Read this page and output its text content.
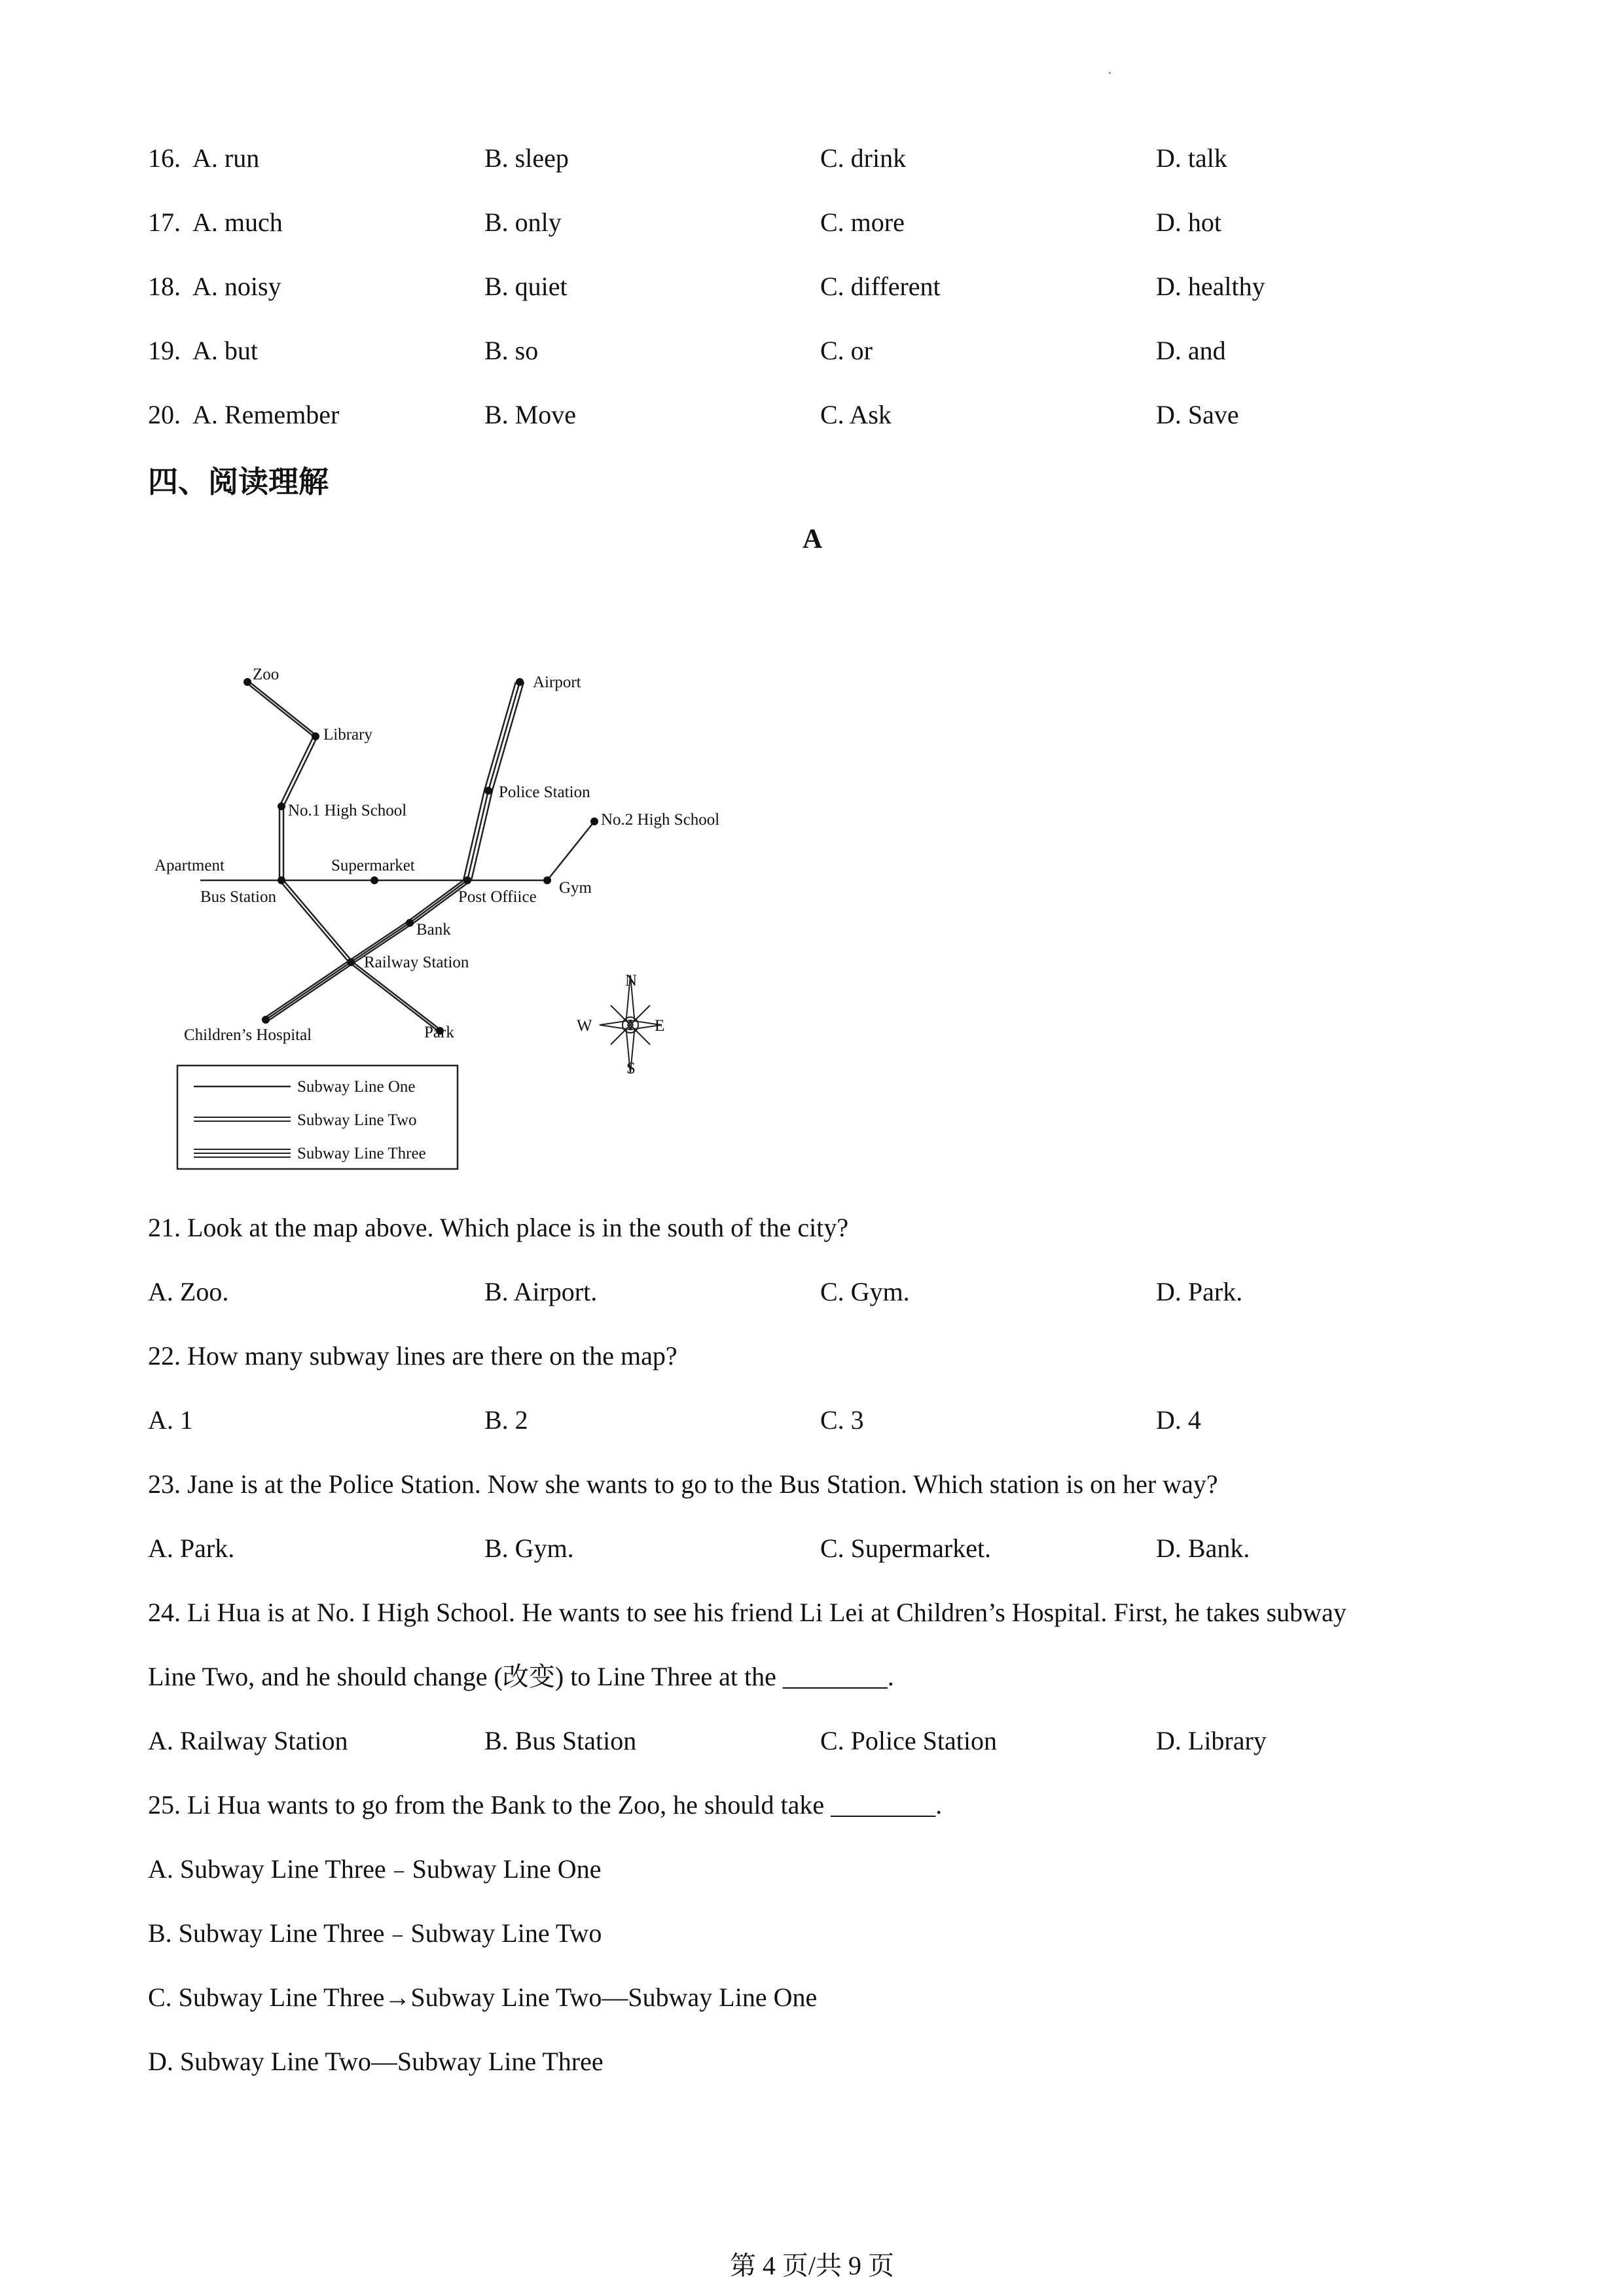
16. A. run	B. sleep	C. drink	D. talk
17. A. much	B. only	C. more	D. hot
18. A. noisy	B. quiet	C. different	D. healthy
19. A. but	B. so	C. or	D. and
20. A. Remember	B. Move	C. Ask	D. Save
四、阅读理解
A
Zoo
Library
No.1 High School
Airport
Police Station
No.2 High School
Apartment	Supermarket
Bus Station	Post Offiice
Gym
Bank
Railway Station
Children’s Hospital	Park
N
S
E
W
Subway Line One
Subway Line Two
Subway Line Three
21. Look at the map above. Which place is in the south of the city?
A. Zoo.	B. Airport.	C. Gym.	D. Park.
22. How many subway lines are there on the map?
A. 1	B. 2	C. 3	D. 4
23. Jane is at the Police Station. Now she wants to go to the Bus Station. Which station is on her way?
A. Park.	B. Gym.	C. Supermarket.	D. Bank.
24. Li Hua is at No. I High School. He wants to see his friend Li Lei at Children’s Hospital. First, he takes subway
Line Two, and he should change (改变) to Line Three at the ________.
A. Railway Station	B. Bus Station	C. Police Station	D. Library
25. Li Hua wants to go from the Bank to the Zoo, he should take ________.
A. Subway Line Three﹣Subway Line One
B. Subway Line Three﹣Subway Line Two
C. Subway Line Three→Subway Line Two—Subway Line One
D. Subway Line Two—Subway Line Three
第 4 页/共 9 页
